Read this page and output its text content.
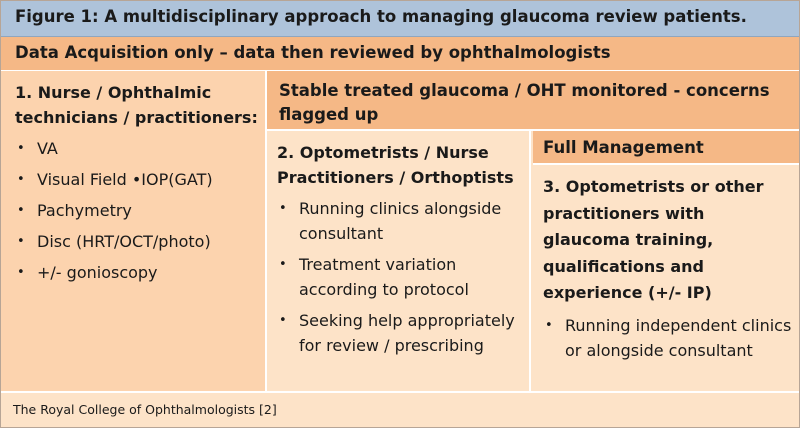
Figure 1: A multidisciplinary approach to managing glaucoma review patients.
Data Acquisition only – data then reviewed by ophthalmologists
1. Nurse / Ophthalmic technicians / practitioners:
• VA
• Visual Field •IOP(GAT)
• Pachymetry
• Disc (HRT/OCT/photo)
• +/- gonioscopy
Stable treated glaucoma / OHT monitored - concerns flagged up
2. Optometrists / Nurse Practitioners / Orthoptists
• Running clinics alongside consultant
• Treatment variation according to protocol
• Seeking help appropriately for review / prescribing
Full Management
3. Optometrists or other practitioners with glaucoma training, qualifications and experience (+/- IP)
• Running independent clinics or alongside consultant
The Royal College of Ophthalmologists [2]
